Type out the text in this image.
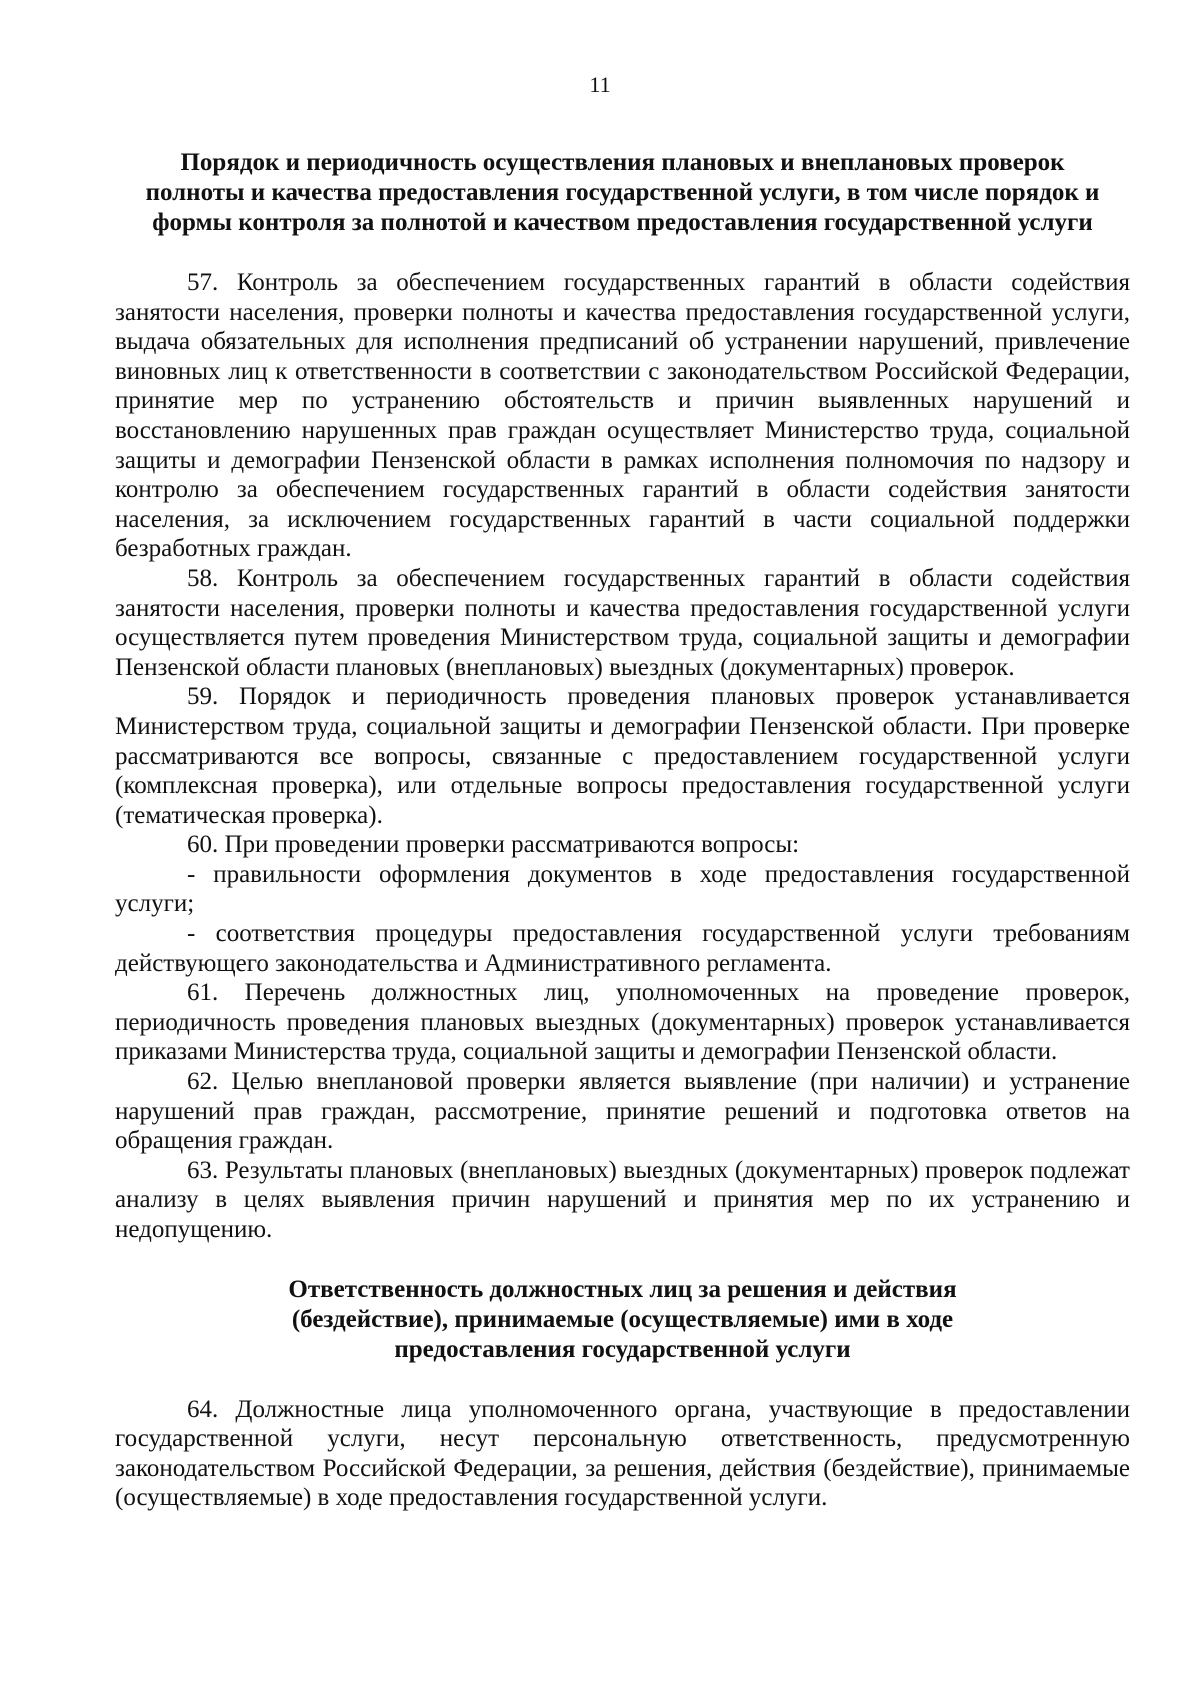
11
Порядок и периодичность осуществления плановых и внеплановых проверок
полноты и качества предоставления государственной услуги, в том числе порядок и
формы контроля за полнотой и качеством предоставления государственной услуги

57. Контроль за обеспечением государственных гарантий в области содействия занятости населения, проверки полноты и качества предоставления государственной услуги, выдача обязательных для исполнения предписаний об устранении нарушений, привлечение виновных лиц к ответственности в соответствии с законодательством Российской Федерации, принятие мер по устранению обстоятельств и причин выявленных нарушений и восстановлению нарушенных прав граждан осуществляет Министерство труда, социальной защиты и демографии Пензенской области в рамках исполнения полномочия по надзору и контролю за обеспечением государственных гарантий в области содействия занятости населения, за исключением государственных гарантий в части социальной поддержки безработных граждан.

58. Контроль за обеспечением государственных гарантий в области содействия занятости населения, проверки полноты и качества предоставления государственной услуги осуществляется путем проведения Министерством труда, социальной защиты и демографии Пензенской области плановых (внеплановых) выездных (документарных) проверок.

59. Порядок и периодичность проведения плановых проверок устанавливается Министерством труда, социальной защиты и демографии Пензенской области. При проверке рассматриваются все вопросы, связанные с предоставлением государственной услуги (комплексная проверка), или отдельные вопросы предоставления государственной услуги (тематическая проверка).

60. При проведении проверки рассматриваются вопросы:

- правильности оформления документов в ходе предоставления государственной услуги;

- соответствия процедуры предоставления государственной услуги требованиям действующего законодательства и Административного регламента.

61. Перечень должностных лиц, уполномоченных на проведение проверок, периодичность проведения плановых выездных (документарных) проверок устанавливается приказами Министерства труда, социальной защиты и демографии Пензенской области.

62. Целью внеплановой проверки является выявление (при наличии) и устранение нарушений прав граждан, рассмотрение, принятие решений и подготовка ответов на обращения граждан.

63. Результаты плановых (внеплановых) выездных (документарных) проверок подлежат анализу в целях выявления причин нарушений и принятия мер по их устранению и недопущению.

Ответственность должностных лиц за решения и действия
(бездействие), принимаемые (осуществляемые) ими в ходе
предоставления государственной услуги

64. Должностные лица уполномоченного органа, участвующие в предоставлении государственной услуги, несут персональную ответственность, предусмотренную законодательством Российской Федерации, за решения, действия (бездействие), принимаемые (осуществляемые) в ходе предоставления государственной услуги.
